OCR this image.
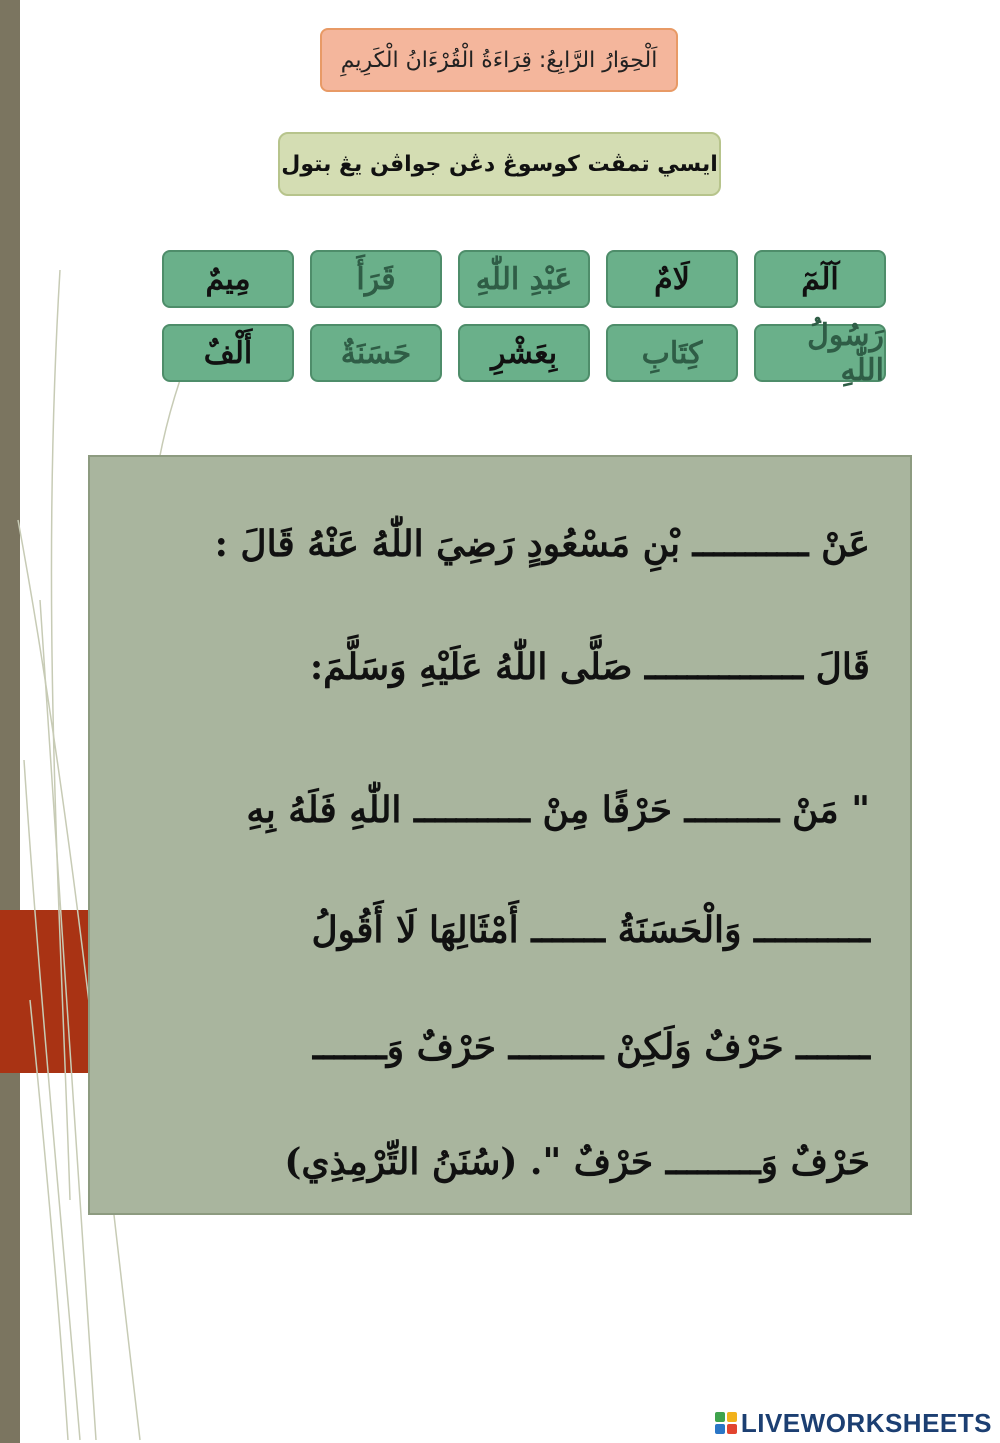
اَلْحِوَارُ الرَّابِعُ: قِرَاءَةُ الْقُرْءَانُ الْكَرِيمِ
ايسي تمڤت كوسوڠ دڠن جواڤن يڠ بتول
آلٓمٓ
لَامٌ
عَبْدِ اللّٰهِ
قَرَأَ
مِيمٌ
رَسُولُ اللّٰهِ
كِتَابِ
بِعَشْرِ
حَسَنَةٌ
أَلْفٌ
عَنْ ـــــــــــ بْنِ مَسْعُودٍ رَضِيَ اللّٰهُ عَنْهُ قَالَ :
قَالَ ـــــــــــــــ صَلَّى اللّٰهُ عَلَيْهِ وَسَلَّمَ:
" مَنْ ـــــــــ حَرْفًا مِنْ ـــــــــــ اللّٰهِ فَلَهُ بِهِ
ـــــــــــ وَالْحَسَنَةُ ـــــــ أَمْثَالِهَا لَا أَقُولُ
ـــــــ حَرْفٌ وَلَكِنْ ـــــــــ حَرْفٌ وَـــــــ
حَرْفٌ وَـــــــــ حَرْفٌ ". (سُنَنُ التِّرْمِذِي)
LIVEWORKSHEETS
